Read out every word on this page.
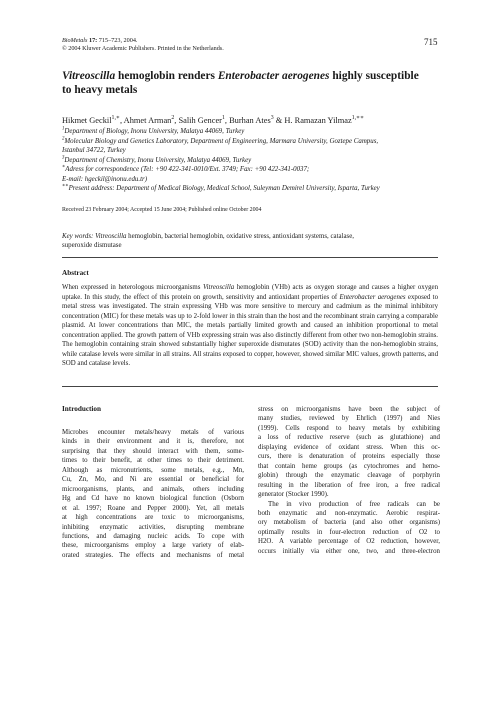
BioMetals 17: 715–723, 2004.
© 2004 Kluwer Academic Publishers. Printed in the Netherlands.
715
Vitreoscilla hemoglobin renders Enterobacter aerogenes highly susceptible
to heavy metals
Hikmet Geckil$^{1,∗}$, Ahmet Arman$^2$, Salih Gencer$^1$, Burhan Ates$^3$ & H. Ramazan Yilmaz$^{1,∗∗}$
$^1$Department of Biology, Inonu University, Malatya 44069, Turkey
$^2$Molecular Biology and Genetics Laboratory, Department of Engineering, Marmara University, Goztepe Campus,
Istanbul 34722, Turkey
$^3$Department of Chemistry, Inonu University, Malatya 44069, Turkey
∗Adress for correspondence (Tel: +90 422-341-0010/Ext. 3749; Fax: +90 422-341-0037;
E-mail: hgeckil@inonu.edu.tr)
∗∗Present address: Department of Medical Biology, Medical School, Suleyman Demirel University, Isparta, Turkey
Received 23 February 2004; Accepted 15 June 2004; Published online October 2004
Key words: Vitreoscilla hemoglobin, bacterial hemoglobin, oxidative stress, antioxidant systems, catalase,
superoxide dismutase
Abstract
When expressed in heterologous microorganisms Vitreoscilla hemoglobin (VHb) acts as oxygen storage and causes a higher oxygen uptake. In this study, the effect of this protein on growth, sensitivity and antioxidant properties of Enterobacter aerogenes exposed to metal stress was investigated. The strain expressing VHb was more sensitive to mercury and cadmium as the minimal inhibitory concentration (MIC) for these metals was up to 2-fold lower in this strain than the host and the recombinant strain carrying a comparable plasmid. At lower concentrations than MIC, the metals partially limited growth and caused an inhibition proportional to metal concentration applied. The growth pattern of VHb expressing strain was also distinctly different from other two non-hemoglobin strains. The hemoglobin containing strain showed substantially higher superoxide dismutates (SOD) activity than the non-hemoglobin strains, while catalase levels were similar in all strains. All strains exposed to copper, however, showed similar MIC values, growth patterns, and SOD and catalase levels.
Introduction
Microbes encounter metals/heavy metals of various
kinds in their environment and it is, therefore, not
surprising that they should interact with them, some-
times to their benefit, at other times to their detriment.
Although as micronutrients, some metals, e.g., Mn,
Cu, Zn, Mo, and Ni are essential or beneficial for
microorganisms, plants, and animals, others including
Hg and Cd have no known biological function (Osborn
et al. 1997; Roane and Pepper 2000). Yet, all metals
at high concentrations are toxic to microorganisms,
inhibiting enzymatic activities, disrupting membrane
functions, and damaging nucleic acids. To cope with
these, microorganisms employ a large variety of elab-
orated strategies. The effects and mechanisms of metal
stress on microorganisms have been the subject of
many studies, reviewed by Ehrlich (1997) and Nies
(1999). Cells respond to heavy metals by exhibiting
a loss of reductive reserve (such as glutathione) and
displaying evidence of oxidant stress. When this oc-
curs, there is denaturation of proteins especially those
that contain heme groups (as cytochromes and hemo-
globin) through the enzymatic cleavage of porphyrin
resulting in the liberation of free iron, a free radical
generator (Stocker 1990).
The in vivo production of free radicals can be
both enzymatic and non-enzymatic. Aerobic respirat-
ory metabolism of bacteria (and also other organisms)
optimally results in four-electron reduction of O2 to
H2O. A variable percentage of O2 reduction, however,
occurs initially via either one, two, and three-electron
